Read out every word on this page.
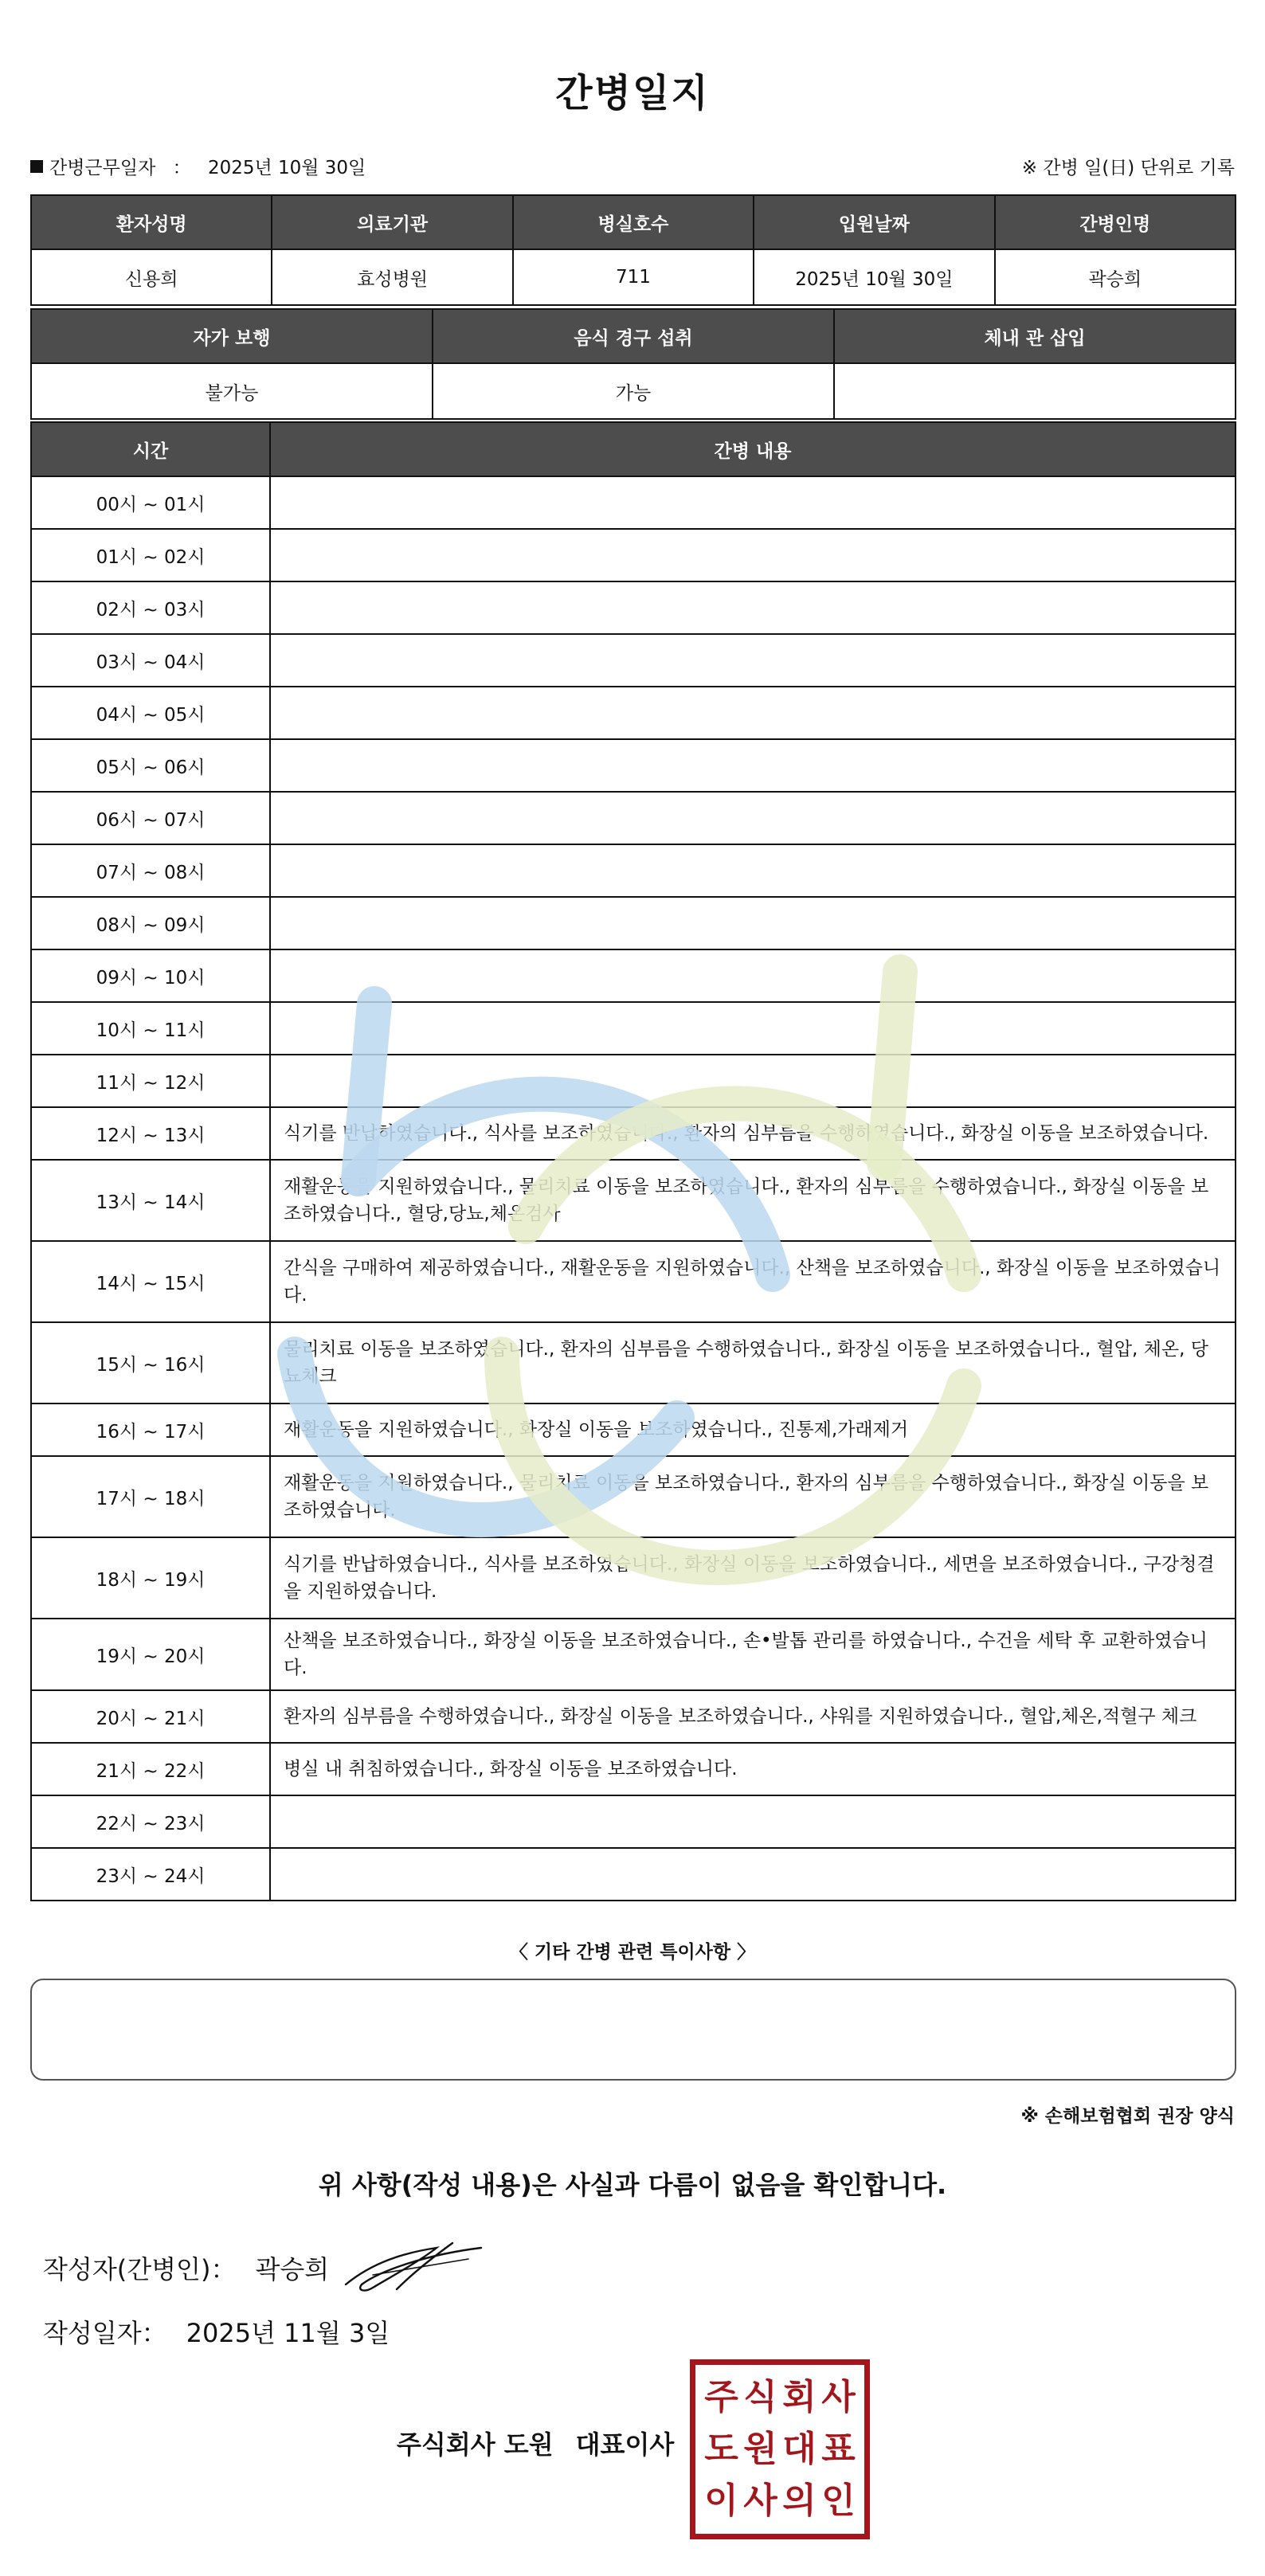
간병일지
간병근무일자 ： 2025년 10월 30일	※ 간병 일(日) 단위로 기록
환자성명	의료기관	병실호수	입원날짜	간병인명
신용희	효성병원	711	2025년 10월 30일	곽승희
자가 보행	음식 경구 섭취	체내 관 삽입
불가능	가능	
시간	간병 내용
00시 ~ 01시	
01시 ~ 02시	
02시 ~ 03시	
03시 ~ 04시	
04시 ~ 05시	
05시 ~ 06시	
06시 ~ 07시	
07시 ~ 08시	
08시 ~ 09시	
09시 ~ 10시	
10시 ~ 11시	
11시 ~ 12시	
12시 ~ 13시	식기를 반납하였습니다., 식사를 보조하였습니다., 환자의 심부름을 수행하였습니다., 화장실 이동을 보조하였습니다.
13시 ~ 14시	재활운동을 지원하였습니다., 물리치료 이동을 보조하였습니다., 환자의 심부름을 수행하였습니다., 화장실 이동을 보조하였습니다., 혈당,당뇨,체온검사
14시 ~ 15시	간식을 구매하여 제공하였습니다., 재활운동을 지원하였습니다., 산책을 보조하였습니다., 화장실 이동을 보조하였습니다.
15시 ~ 16시	물리치료 이동을 보조하였습니다., 환자의 심부름을 수행하였습니다., 화장실 이동을 보조하였습니다., 혈압, 체온, 당뇨체크
16시 ~ 17시	재활운동을 지원하였습니다., 화장실 이동을 보조하였습니다., 진통제,가래제거
17시 ~ 18시	재활운동을 지원하였습니다., 물리치료 이동을 보조하였습니다., 환자의 심부름을 수행하였습니다., 화장실 이동을 보조하였습니다.
18시 ~ 19시	식기를 반납하였습니다., 식사를 보조하였습니다., 화장실 이동을 보조하였습니다., 세면을 보조하였습니다., 구강청결을 지원하였습니다.
19시 ~ 20시	산책을 보조하였습니다., 화장실 이동을 보조하였습니다., 손•발톱 관리를 하였습니다., 수건을 세탁 후 교환하였습니다.
20시 ~ 21시	환자의 심부름을 수행하였습니다., 화장실 이동을 보조하였습니다., 샤워를 지원하였습니다., 혈압,체온,적혈구 체크
21시 ~ 22시	병실 내 취침하였습니다., 화장실 이동을 보조하였습니다.
22시 ~ 23시	
23시 ~ 24시	
〈 기타 간병 관련 특이사항 〉
※ 손해보험협회 권장 양식
위 사항(작성 내용)은 사실과 다름이 없음을 확인합니다.
작성자(간병인)： 곽승희
작성일자： 2025년 11월 3일
주식회사 도원 대표이사
주 식 회 사
도 원 대 표
이 사 의 인
